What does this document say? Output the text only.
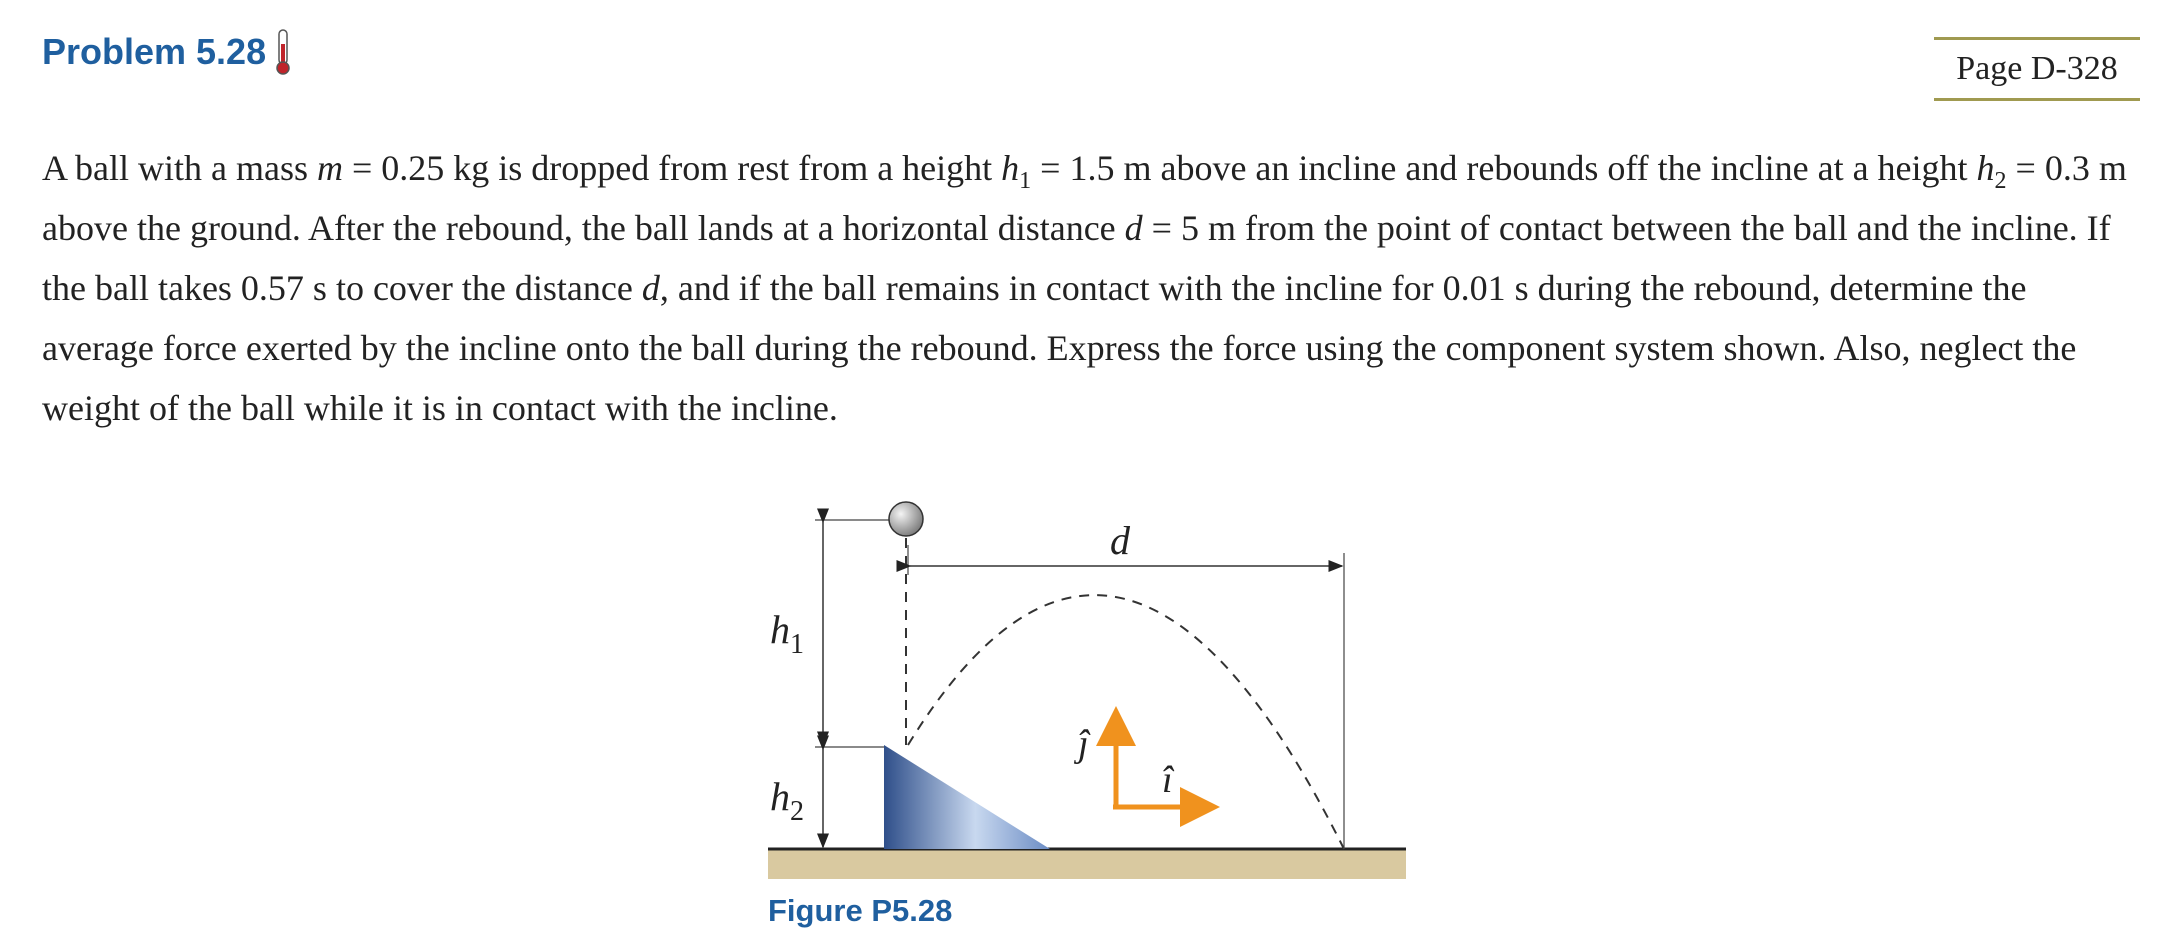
Problem 5.28	Page D-328

A ball with a mass m = 0.25 kg is dropped from rest from a height $h_1 = 1.5$ m above an incline and rebounds off the incline at a height $h_2 = 0.3$ m above the ground. After the rebound, the ball lands at a horizontal distance d = 5 m from the point of contact between the ball and the incline. If the ball takes 0.57 s to cover the distance d, and if the ball remains in contact with the incline for 0.01 s during the rebound, determine the average force exerted by the incline onto the ball during the rebound. Express the force using the component system shown. Also, neglect the weight of the ball while it is in contact with the incline.

$h_1$
$h_2$
d
ĵ
î
Figure P5.28
